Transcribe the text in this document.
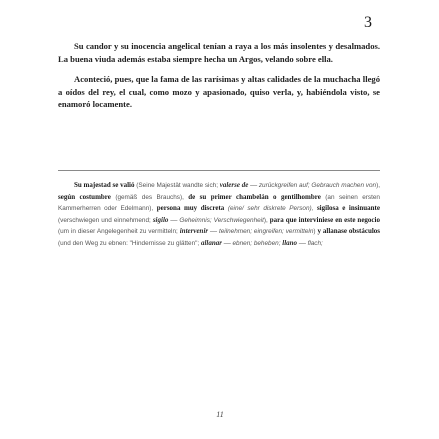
3

Su candor y su inocencia angelical tenían a raya a los más insolentes y desalmados. La buena viuda además estaba siempre hecha un Argos, velando sobre ella.

Aconteció, pues, que la fama de las rarísimas y altas calidades de la muchacha llegó a oídos del rey, el cual, como mozo y apasionado, quiso verla, y, habiéndola visto, se enamoró locamente.

Su majestad se valió (Seine Majestät wandte sich; valerse de — zurückgreifen auf; Gebrauch machen von), según costumbre (gemäß des Brauchs), de su primer chambelán o gentilhombre (an seinen ersten Kammerherren oder Edelmann), persona muy discreta (eine/ sehr diskrete Person), sigilosa e insinuante (verschwiegen und einnehmend; sigilo — Geheimnis; Verschwiegenheit), para que interviniese en este negocio (um in dieser Angelegenheit zu vermitteln; intervenir — teilnehmen; eingreifen; vermitteln) y allanase obstáculos (und den Weg zu ebnen: "Hindernisse zu glätten"; allanar — ebnen; beheben; llano — flach;

11
